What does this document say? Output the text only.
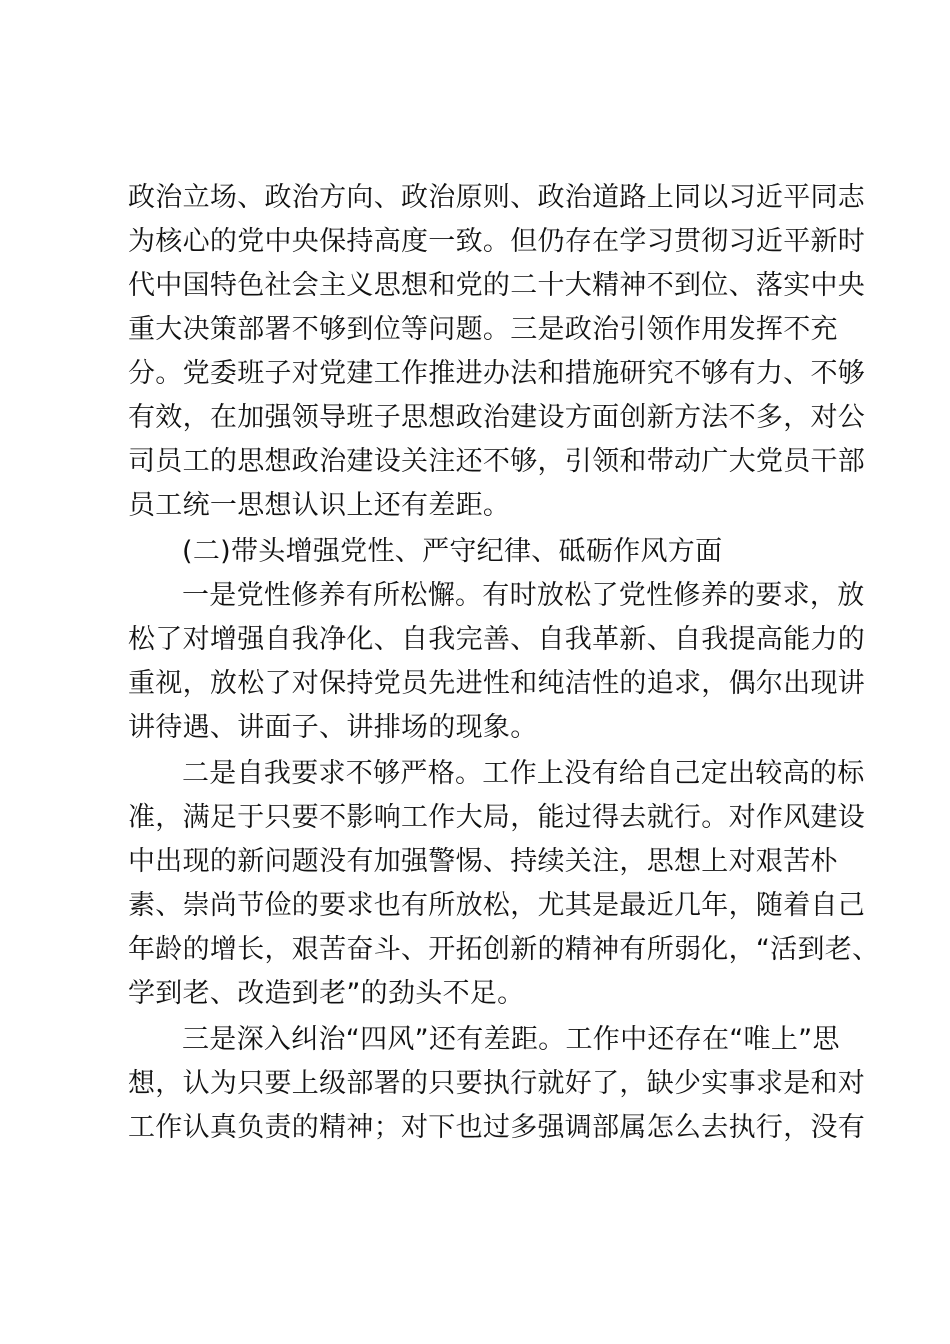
政治立场、政治方向、政治原则、政治道路上同以习近平同志
为核心的党中央保持高度一致。但仍存在学习贯彻习近平新时
代中国特色社会主义思想和党的二十大精神不到位、落实中央
重大决策部署不够到位等问题。三是政治引领作用发挥不充
分。党委班子对党建工作推进办法和措施研究不够有力、不够
有效，在加强领导班子思想政治建设方面创新方法不多，对公
司员工的思想政治建设关注还不够，引领和带动广大党员干部
员工统一思想认识上还有差距。
(二)带头增强党性、严守纪律、砥砺作风方面
一是党性修养有所松懈。有时放松了党性修养的要求，放
松了对增强自我净化、自我完善、自我革新、自我提高能力的
重视，放松了对保持党员先进性和纯洁性的追求，偶尔出现讲
讲待遇、讲面子、讲排场的现象。
二是自我要求不够严格。工作上没有给自己定出较高的标
准，满足于只要不影响工作大局，能过得去就行。对作风建设
中出现的新问题没有加强警惕、持续关注，思想上对艰苦朴
素、崇尚节俭的要求也有所放松，尤其是最近几年，随着自己
年龄的增长，艰苦奋斗、开拓创新的精神有所弱化，“活到老、
学到老、改造到老”的劲头不足。
三是深入纠治“四风”还有差距。工作中还存在“唯上”思
想，认为只要上级部署的只要执行就好了，缺少实事求是和对
工作认真负责的精神；对下也过多强调部属怎么去执行，没有
